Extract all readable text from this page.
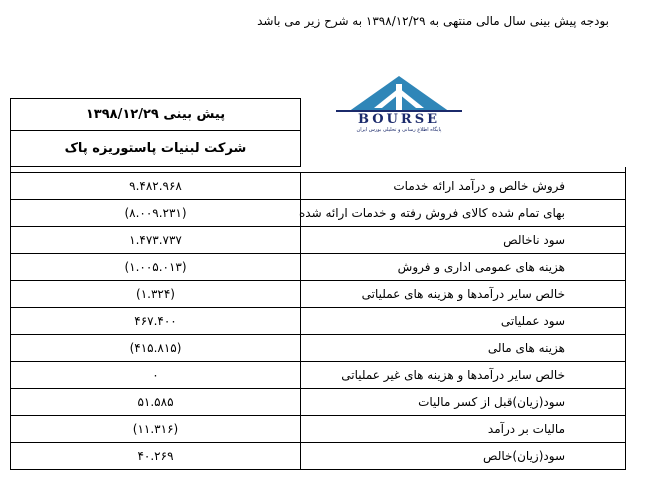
بودجه پیش بینی سال مالی منتهی به ۱۳۹۸/۱۲/۲۹ به شرح زیر می باشد
BOURSE
پایگاه اطلاع رسانی و تحلیلی بورس ایران
پیش بینی ۱۳۹۸/۱۲/۲۹	
شرکت لبنیات پاستوریزه پاک	

۹.۴۸۲.۹۶۸	فروش خالص و درآمد ارائه خدمات
(۸.۰۰۹.۲۳۱)	بهای تمام شده کالای فروش رفته و خدمات ارائه شده
۱.۴۷۳.۷۳۷	سود ناخالص
(۱.۰۰۵.۰۱۳)	هزینه های عمومی اداری و فروش
(۱.۳۲۴)	خالص سایر درآمدها و هزینه های عملیاتی
۴۶۷.۴۰۰	سود عملیاتی
(۴۱۵.۸۱۵)	هزینه های مالی
۰	خالص سایر درآمدها و هزینه های غیر عملیاتی
۵۱.۵۸۵	سود(زیان)قبل از کسر مالیات
(۱۱.۳۱۶)	مالیات بر درآمد
۴۰.۲۶۹	سود(زیان)خالص
